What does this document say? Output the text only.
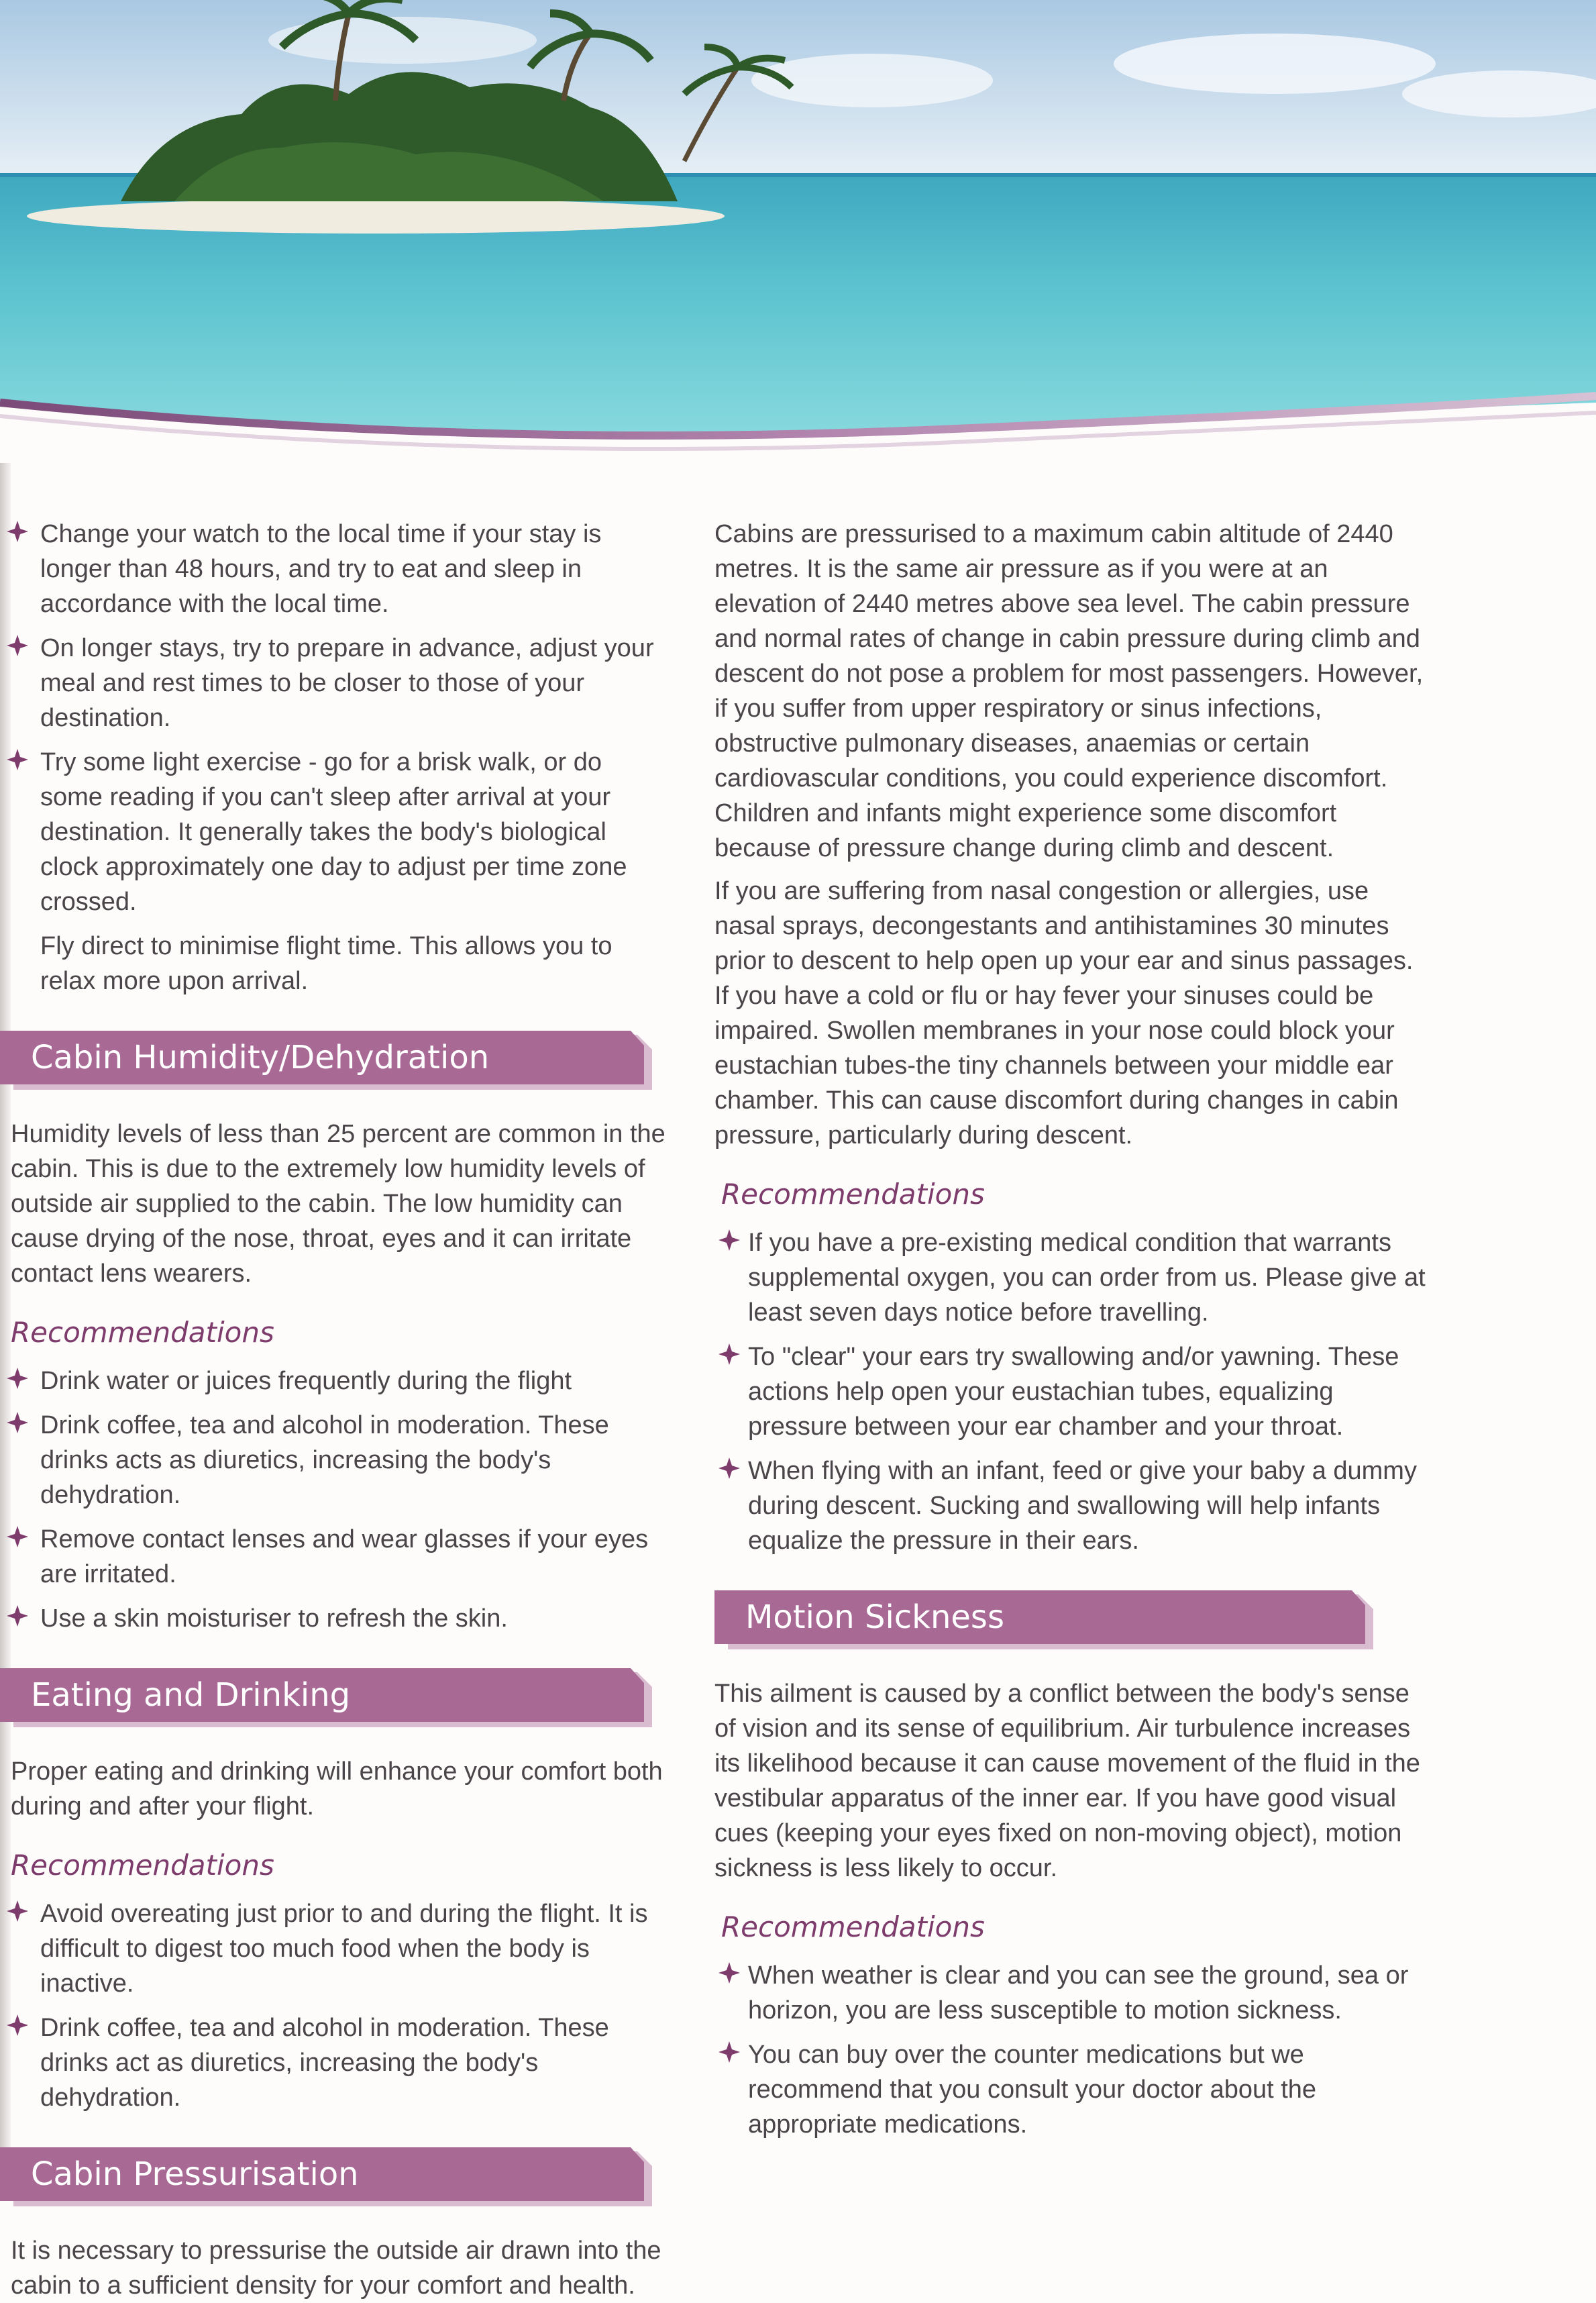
Change your watch to the local time if your stay is longer than 48 hours, and try to eat and sleep in accordance with the local time.
On longer stays, try to prepare in advance, adjust your meal and rest times to be closer to those of your destination.
Try some light exercise - go for a brisk walk, or do some reading if you can't sleep after arrival at your destination. It generally takes the body's biological clock approximately one day to adjust per time zone crossed.
Fly direct to minimise flight time. This allows you to relax more upon arrival.
Cabin Humidity/Dehydration

Humidity levels of less than 25 percent are common in the cabin. This is due to the extremely low humidity levels of outside air supplied to the cabin. The low humidity can cause drying of the nose, throat, eyes and it can irritate contact lens wearers.

Recommendations
Drink water or juices frequently during the flight
Drink coffee, tea and alcohol in moderation. These drinks acts as diuretics, increasing the body's dehydration.
Remove contact lenses and wear glasses if your eyes are irritated.
Use a skin moisturiser to refresh the skin.
Eating and Drinking

Proper eating and drinking will enhance your comfort both during and after your flight.

Recommendations
Avoid overeating just prior to and during the flight. It is difficult to digest too much food when the body is inactive.
Drink coffee, tea and alcohol in moderation. These drinks act as diuretics, increasing the body's dehydration.
Cabin Pressurisation

It is necessary to pressurise the outside air drawn into the cabin to a sufficient density for your comfort and health.

Cabins are pressurised to a maximum cabin altitude of 2440 metres. It is the same air pressure as if you were at an elevation of 2440 metres above sea level. The cabin pressure and normal rates of change in cabin pressure during climb and descent do not pose a problem for most passengers. However, if you suffer from upper respiratory or sinus infections, obstructive pulmonary diseases, anaemias or certain cardiovascular conditions, you could experience discomfort. Children and infants might experience some discomfort because of pressure change during climb and descent.

If you are suffering from nasal congestion or allergies, use nasal sprays, decongestants and antihistamines 30 minutes prior to descent to help open up your ear and sinus passages. If you have a cold or flu or hay fever your sinuses could be impaired. Swollen membranes in your nose could block your eustachian tubes-the tiny channels between your middle ear chamber. This can cause discomfort during changes in cabin pressure, particularly during descent.

Recommendations
If you have a pre-existing medical condition that warrants supplemental oxygen, you can order from us. Please give at least seven days notice before travelling.
To "clear" your ears try swallowing and/or yawning. These actions help open your eustachian tubes, equalizing pressure between your ear chamber and your throat.
When flying with an infant, feed or give your baby a dummy during descent. Sucking and swallowing will help infants equalize the pressure in their ears.
Motion Sickness

This ailment is caused by a conflict between the body's sense of vision and its sense of equilibrium. Air turbulence increases its likelihood because it can cause movement of the fluid in the vestibular apparatus of the inner ear. If you have good visual cues (keeping your eyes fixed on non-moving object), motion sickness is less likely to occur.

Recommendations
When weather is clear and you can see the ground, sea or horizon, you are less susceptible to motion sickness.
You can buy over the counter medications but we recommend that you consult your doctor about the appropriate medications.
